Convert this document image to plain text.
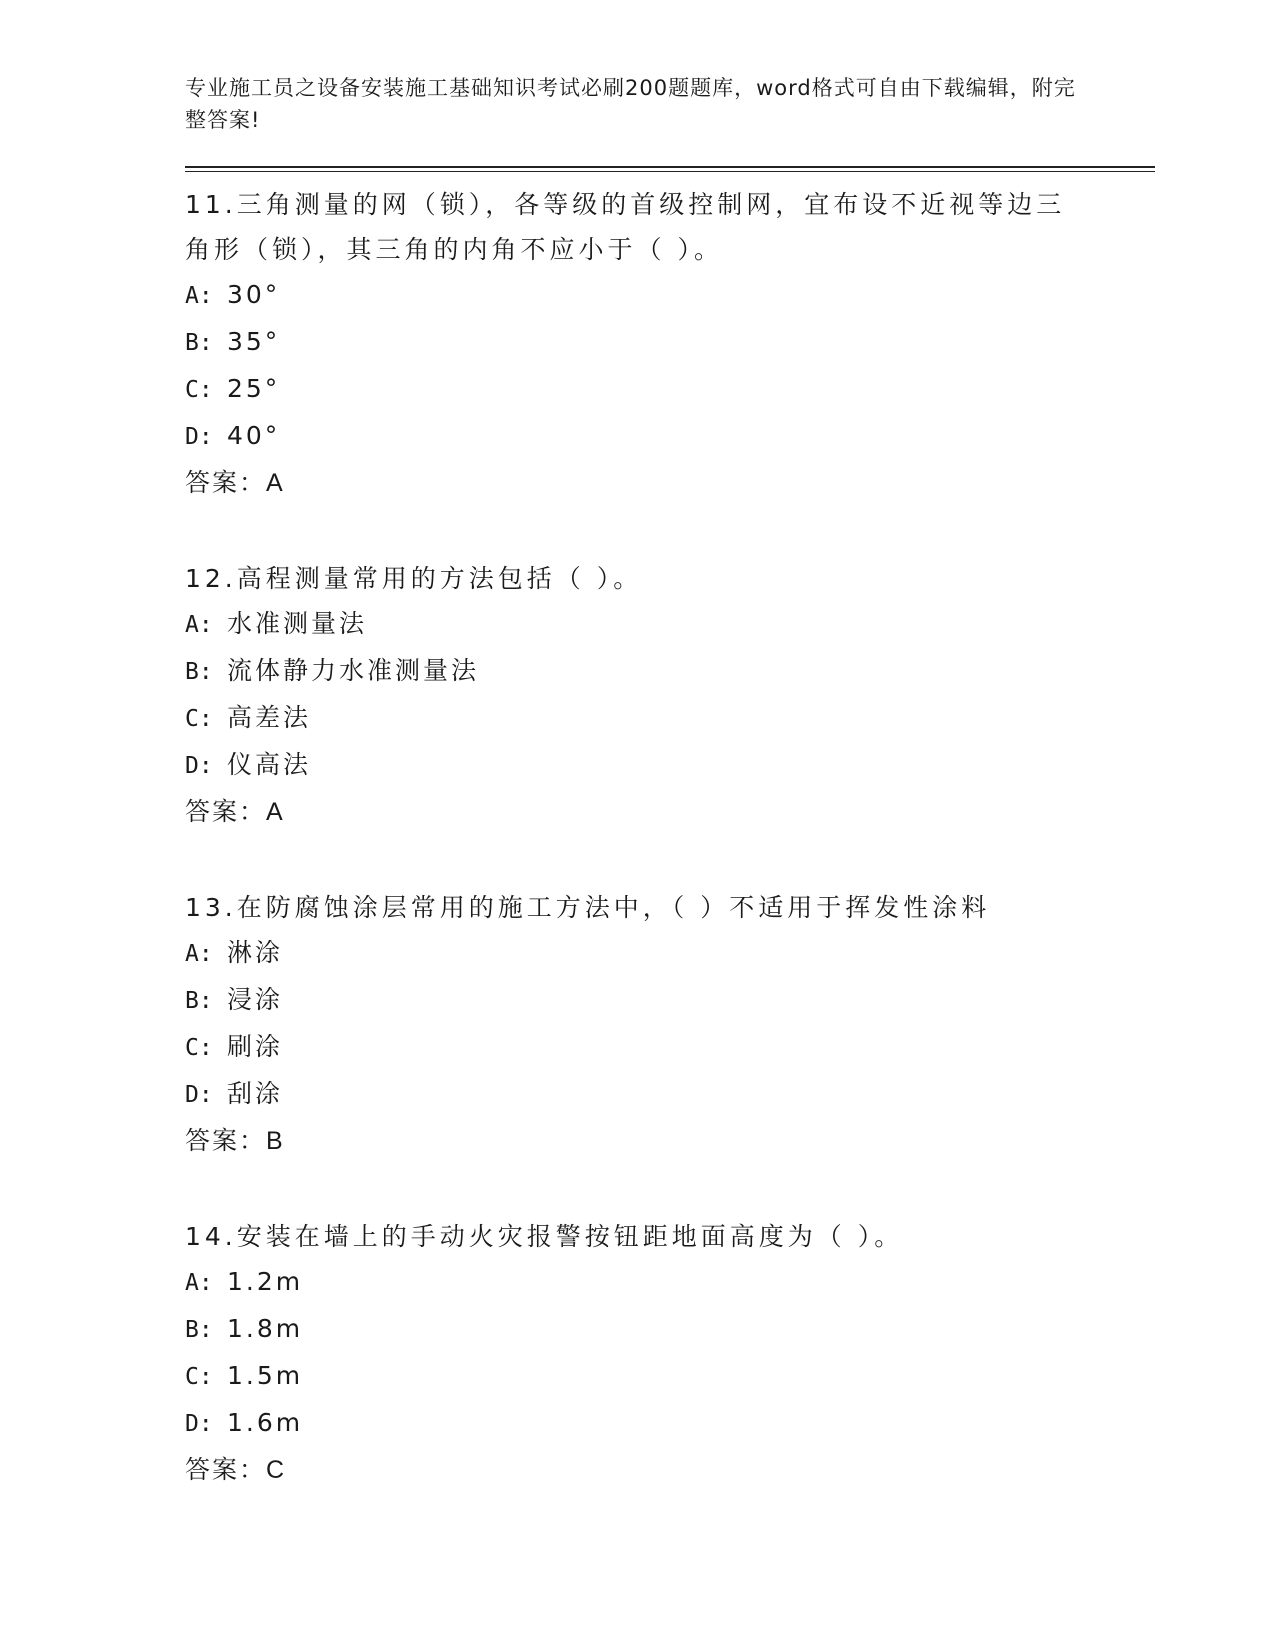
专业施工员之设备安装施工基础知识考试必刷200题题库，word格式可自由下载编辑，附完整答案!
11.三角测量的网（锁），各等级的首级控制网，宜布设不近视等边三角形（锁），其三角的内角不应小于（ ）。
A: 30°
B: 35°
C: 25°
D: 40°
答案：A
12.高程测量常用的方法包括（ ）。
A: 水准测量法
B: 流体静力水准测量法
C: 高差法
D: 仪高法
答案：A
13.在防腐蚀涂层常用的施工方法中，（ ）不适用于挥发性涂料
A: 淋涂
B: 浸涂
C: 刷涂
D: 刮涂
答案：B
14.安装在墙上的手动火灾报警按钮距地面高度为（ ）。
A: 1.2m
B: 1.8m
C: 1.5m
D: 1.6m
答案：C
